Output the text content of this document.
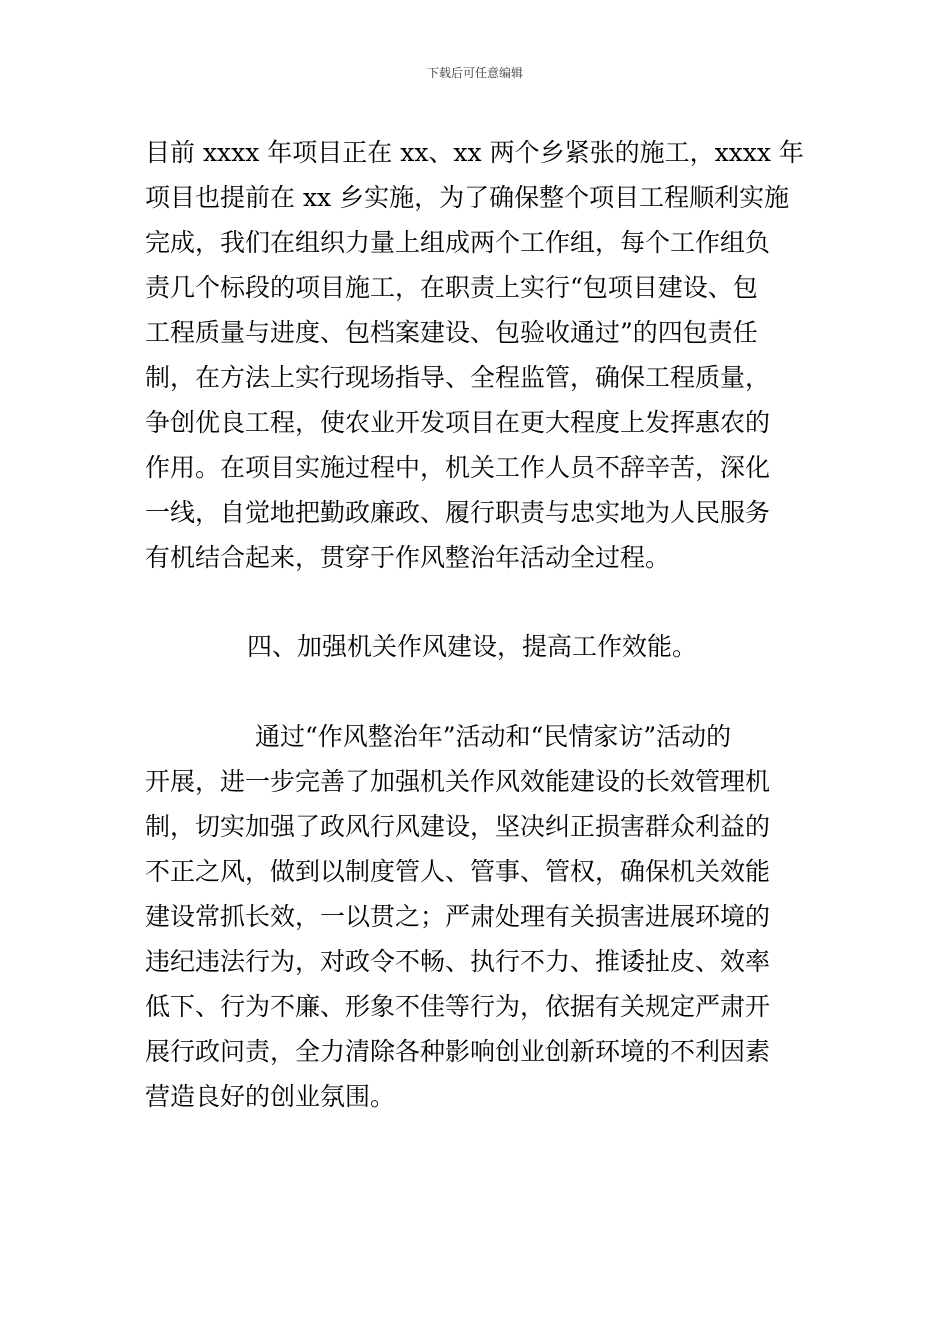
下载后可任意编辑
目前 xxxx 年项目正在 xx、xx 两个乡紧张的施工，xxxx 年
项目也提前在 xx 乡实施，为了确保整个项目工程顺利实施
完成，我们在组织力量上组成两个工作组，每个工作组负
责几个标段的项目施工，在职责上实行“包项目建设、包
工程质量与进度、包档案建设、包验收通过”的四包责任
制，在方法上实行现场指导、全程监管，确保工程质量，
争创优良工程，使农业开发项目在更大程度上发挥惠农的
作用。在项目实施过程中，机关工作人员不辞辛苦，深化
一线，自觉地把勤政廉政、履行职责与忠实地为人民服务
有机结合起来，贯穿于作风整治年活动全过程。
四、加强机关作风建设，提高工作效能。
通过“作风整治年”活动和“民情家访”活动的
开展，进一步完善了加强机关作风效能建设的长效管理机
制，切实加强了政风行风建设，坚决纠正损害群众利益的
不正之风，做到以制度管人、管事、管权，确保机关效能
建设常抓长效，一以贯之；严肃处理有关损害进展环境的
违纪违法行为，对政令不畅、执行不力、推诿扯皮、效率
低下、行为不廉、形象不佳等行为，依据有关规定严肃开
展行政问责，全力清除各种影响创业创新环境的不利因素
营造良好的创业氛围。
